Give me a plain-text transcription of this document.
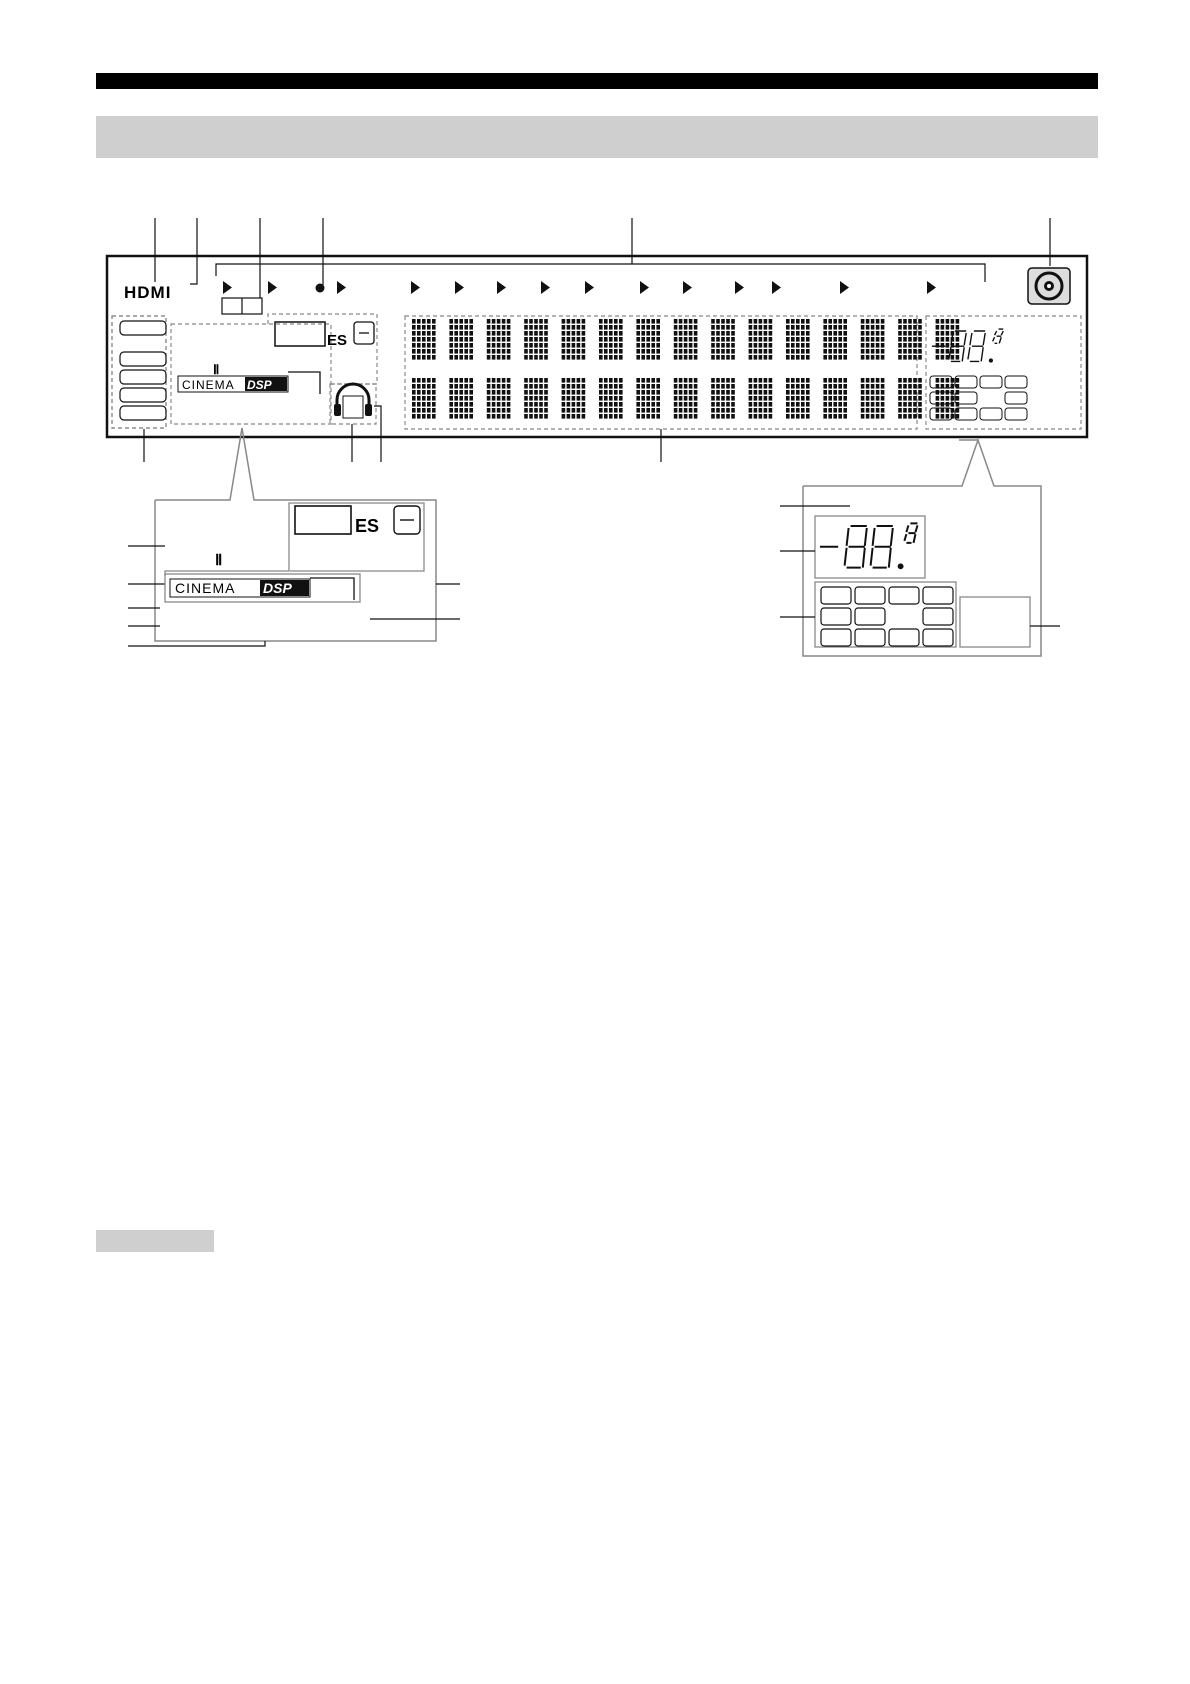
HDMI
ES
Ⅱ
CINEMA DSP
ES
Ⅱ
CINEMA DSP
